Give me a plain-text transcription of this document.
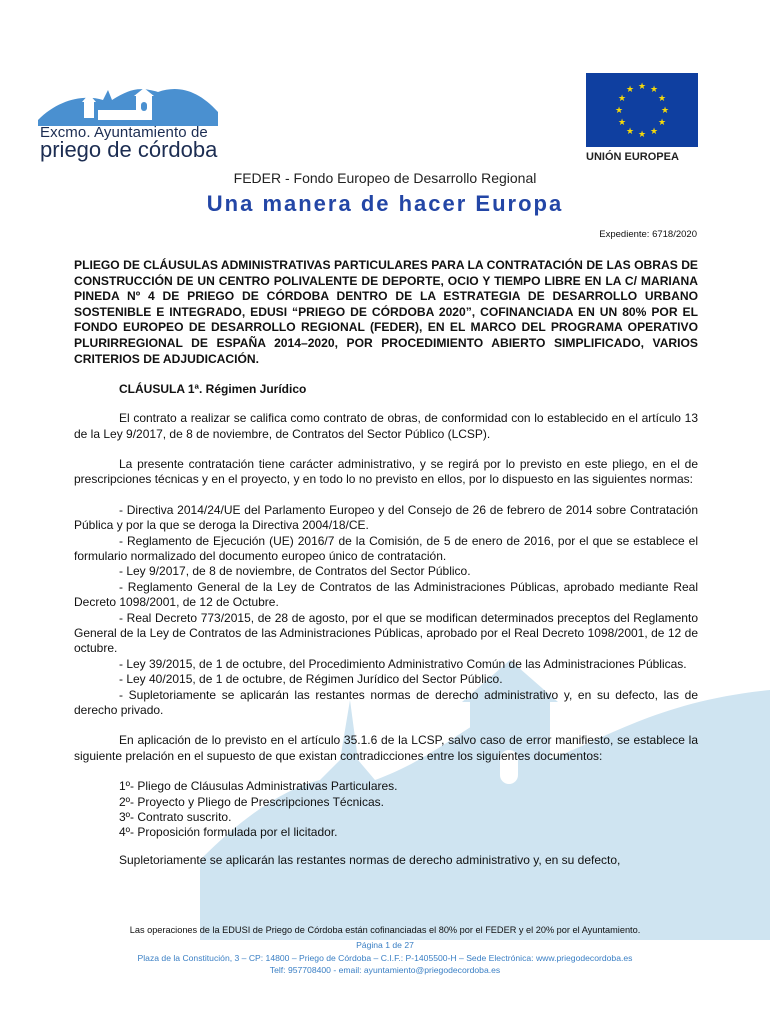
Excmo. Ayuntamiento de
priego de córdoba
★ ★
★
★
★
★
★
★
★
★
★
★
UNIÓN EUROPEA
FEDER - Fondo Europeo de Desarrollo Regional
Una manera de hacer Europa
Expediente: 6718/2020
PLIEGO DE CLÁUSULAS ADMINISTRATIVAS PARTICULARES PARA LA CONTRATACIÓN DE LAS OBRAS DE CONSTRUCCIÓN DE UN CENTRO POLIVALENTE DE DEPORTE, OCIO Y TIEMPO LIBRE EN LA C/ MARIANA PINEDA Nº 4 DE PRIEGO DE CÓRDOBA DENTRO DE LA ESTRATEGIA DE DESARROLLO URBANO SOSTENIBLE E INTEGRADO, EDUSI “PRIEGO DE CÓRDOBA 2020”, COFINANCIADA EN UN 80% POR EL FONDO EUROPEO DE DESARROLLO REGIONAL (FEDER), EN EL MARCO DEL PROGRAMA OPERATIVO PLURIRREGIONAL DE ESPAÑA 2014–2020, POR PROCEDIMIENTO ABIERTO SIMPLIFICADO, VARIOS CRITERIOS DE ADJUDICACIÓN.
CLÁUSULA 1ª. Régimen Jurídico
El contrato a realizar se califica como contrato de obras, de conformidad con lo establecido en el artículo 13 de la Ley 9/2017, de 8 de noviembre, de Contratos del Sector Público (LCSP).
La presente contratación tiene carácter administrativo, y se regirá por lo previsto en este pliego, en el de prescripciones técnicas y en el proyecto, y en todo lo no previsto en ellos, por lo dispuesto en las siguientes normas:
- Directiva 2014/24/UE del Parlamento Europeo y del Consejo de 26 de febrero de 2014 sobre Contratación Pública y por la que se deroga la Directiva 2004/18/CE.
- Reglamento de Ejecución (UE) 2016/7 de la Comisión, de 5 de enero de 2016, por el que se establece el formulario normalizado del documento europeo único de contratación.
- Ley 9/2017, de 8 de noviembre, de Contratos del Sector Público.
- Reglamento General de la Ley de Contratos de las Administraciones Públicas, aprobado mediante Real Decreto 1098/2001, de 12 de Octubre.
- Real Decreto 773/2015, de 28 de agosto, por el que se modifican determinados preceptos del Reglamento General de la Ley de Contratos de las Administraciones Públicas, aprobado por el Real Decreto 1098/2001, de 12 de octubre.
- Ley 39/2015, de 1 de octubre, del Procedimiento Administrativo Común de las Administraciones Públicas.
- Ley 40/2015, de 1 de octubre, de Régimen Jurídico del Sector Público.
- Supletoriamente se aplicarán las restantes normas de derecho administrativo y, en su defecto, las de derecho privado.
En aplicación de lo previsto en el artículo 35.1.6 de la LCSP, salvo caso de error manifiesto, se establece la siguiente prelación en el supuesto de que existan contradicciones entre los siguientes documentos:
1º- Pliego de Cláusulas Administrativas Particulares.
2º- Proyecto y Pliego de Prescripciones Técnicas.
3º- Contrato suscrito.
4º- Proposición formulada por el licitador.
Supletoriamente se aplicarán las restantes normas de derecho administrativo y, en su defecto,
Las operaciones de la EDUSI de Priego de Córdoba están cofinanciadas el 80% por el FEDER y el 20% por el Ayuntamiento.
Página 1 de 27
Plaza de la Constitución, 3 – CP: 14800 – Priego de Córdoba – C.I.F.: P-1405500-H – Sede Electrónica: www.priegodecordoba.es
Telf: 957708400 - email: ayuntamiento@priegodecordoba.es
